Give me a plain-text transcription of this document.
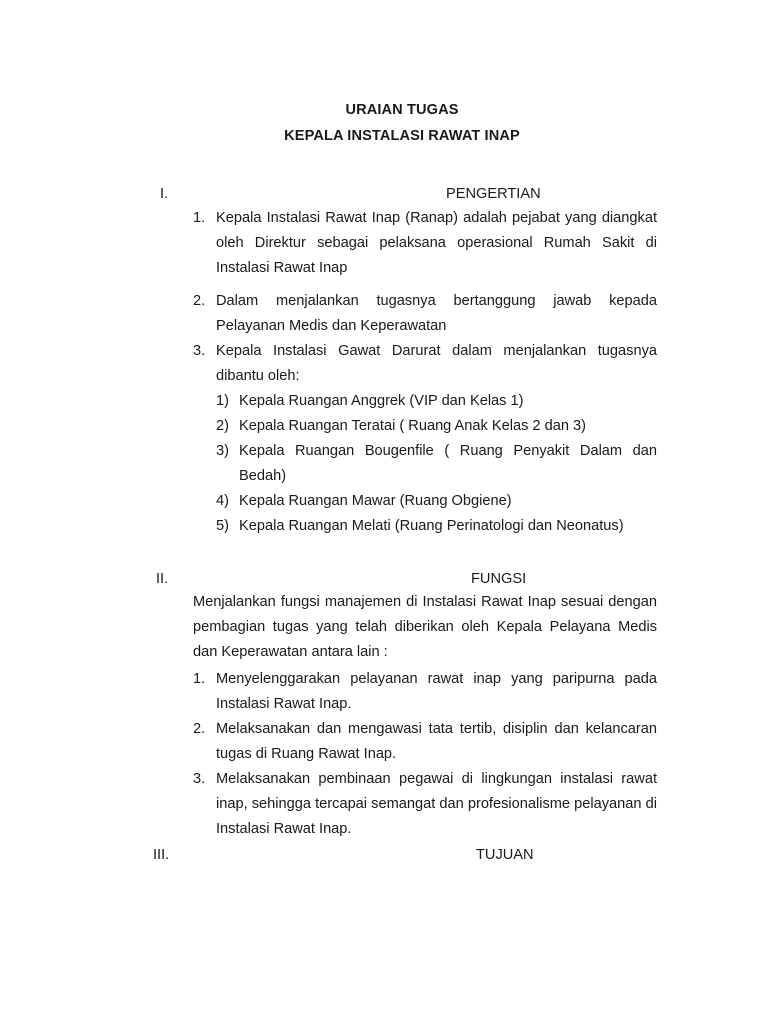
URAIAN TUGAS
KEPALA INSTALASI RAWAT INAP
I.	PENGERTIAN
1. Kepala Instalasi Rawat Inap (Ranap) adalah pejabat yang diangkat oleh Direktur sebagai pelaksana operasional Rumah Sakit di Instalasi Rawat Inap
2. Dalam menjalankan tugasnya bertanggung jawab kepada Pelayanan Medis dan Keperawatan
3. Kepala Instalasi Gawat Darurat dalam menjalankan tugasnya dibantu oleh:
1) Kepala Ruangan Anggrek (VIP dan Kelas 1)
2) Kepala Ruangan Teratai ( Ruang Anak Kelas 2 dan 3)
3) Kepala Ruangan Bougenfile ( Ruang Penyakit Dalam dan Bedah)
4) Kepala Ruangan Mawar (Ruang Obgiene)
5) Kepala Ruangan Melati (Ruang Perinatologi dan Neonatus)
II.	FUNGSI
Menjalankan fungsi manajemen di Instalasi Rawat Inap sesuai dengan pembagian tugas yang telah diberikan oleh Kepala Pelayana Medis dan Keperawatan antara lain :
1. Menyelenggarakan pelayanan rawat inap yang paripurna pada Instalasi Rawat Inap.
2. Melaksanakan dan mengawasi tata tertib, disiplin dan kelancaran tugas di Ruang Rawat Inap.
3. Melaksanakan pembinaan pegawai di lingkungan instalasi rawat inap, sehingga tercapai semangat dan profesionalisme pelayanan di Instalasi Rawat Inap.
III.	TUJUAN
